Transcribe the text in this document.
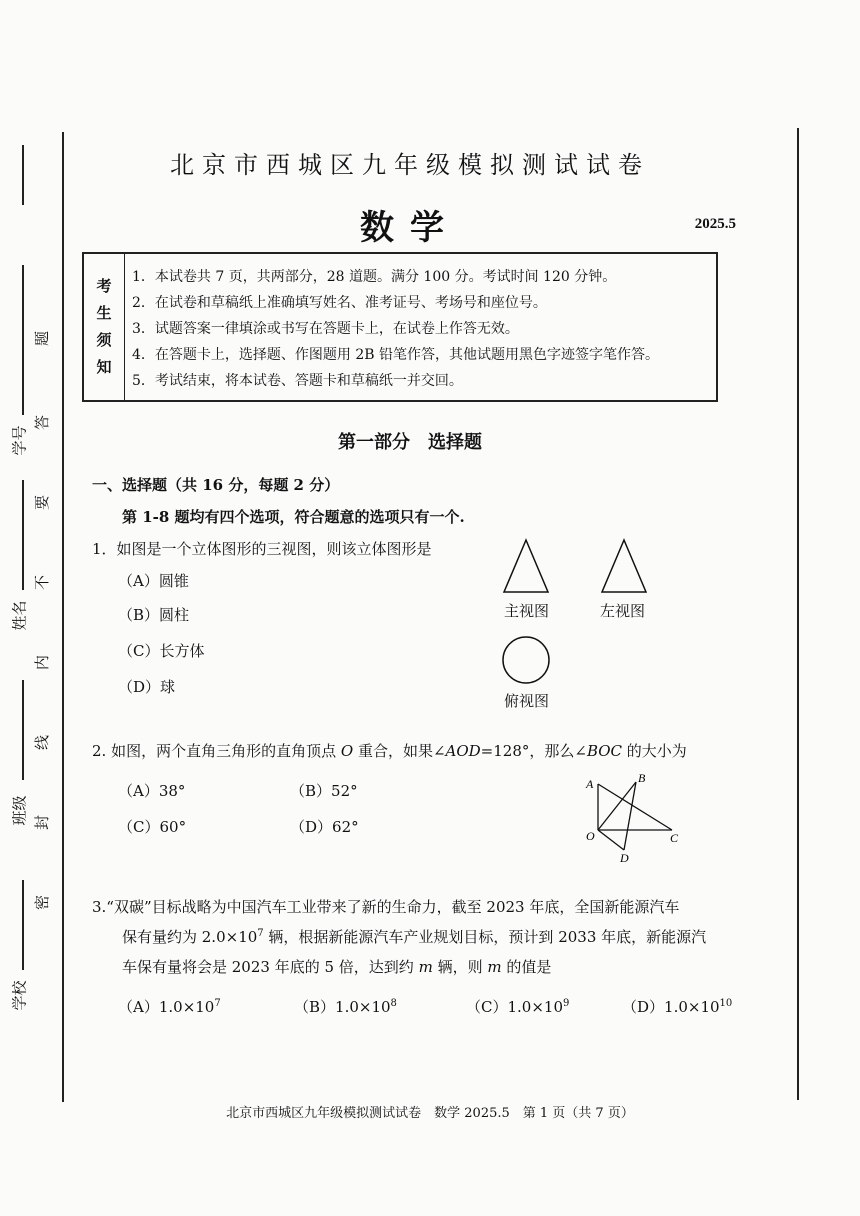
学号
姓名
班级
学校
题
答
要
不
内
线
封
密
北京市西城区九年级模拟测试试卷
数学	2025.5
考
生
须
知
1．本试卷共 7 页，共两部分，28 道题。满分 100 分。考试时间 120 分钟。
2．在试卷和草稿纸上准确填写姓名、准考证号、考场号和座位号。
3．试题答案一律填涂或书写在答题卡上，在试卷上作答无效。
4．在答题卡上，选择题、作图题用 2B 铅笔作答，其他试题用黑色字迹签字笔作答。
5．考试结束，将本试卷、答题卡和草稿纸一并交回。
第一部分　选择题
一、选择题（共 16 分，每题 2 分）
第 1-8 题均有四个选项，符合题意的选项只有一个.
1．如图是一个立体图形的三视图，则该立体图形是
（A）圆锥
（B）圆柱
（C）长方体
（D）球
主视图	左视图
俯视图
2. 如图，两个直角三角形的直角顶点 O 重合，如果∠AOD=128°，那么∠BOC 的大小为
（A）38°	（B）52°
（C）60°	（D）62°
A	B
O	C
D
3.“双碳”目标战略为中国汽车工业带来了新的生命力，截至 2023 年底，全国新能源汽车
保有量约为 $2.0\times 10^7$ 辆，根据新能源汽车产业规划目标，预计到 2033 年底，新能源汽
车保有量将会是 2023 年底的 5 倍，达到约 m 辆，则 m 的值是
$(A)1.0\times 10^7$	$(B)1.0\times 10^8$	$(C)1.0\times 10^9$	$(D)1.0\times 10^{10}$
北京市西城区九年级模拟测试试卷　数学 2025.5　第 1 页（共 7 页）
